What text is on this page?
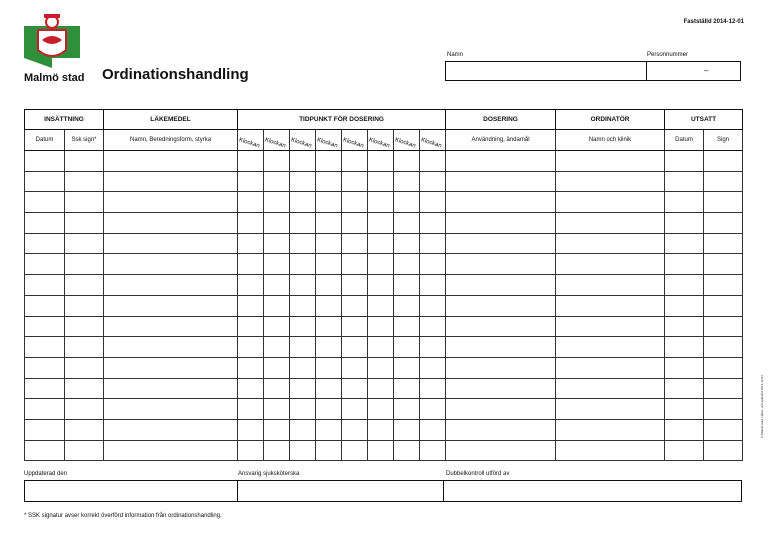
Malmö stad Ordinationshandling
Fastställd 2014-12-01
Namn	Personnummer
–
INSÄTTNING		LÄKEMEDEL	TIDPUNKT FÖR DOSERING								DOSERING	ORDINATÖR	UTSATT	
Datum	Ssk sign*	Namn, Beredningsform, styrka	Klockan	Klockan	Klockan	Klockan	Klockan	Klockan	Klockan	Klockan	Användning, ändamål	Namn och klinik	Datum	Sign

Uppdaterad den	Ansvarig sjuksköterska	Dubbelkontroll utförd av
* SSK signatur avser korrekt överförd information från ordinationshandling.
© Malmö stad, Hälso- och sjukvård 2014-12-01
